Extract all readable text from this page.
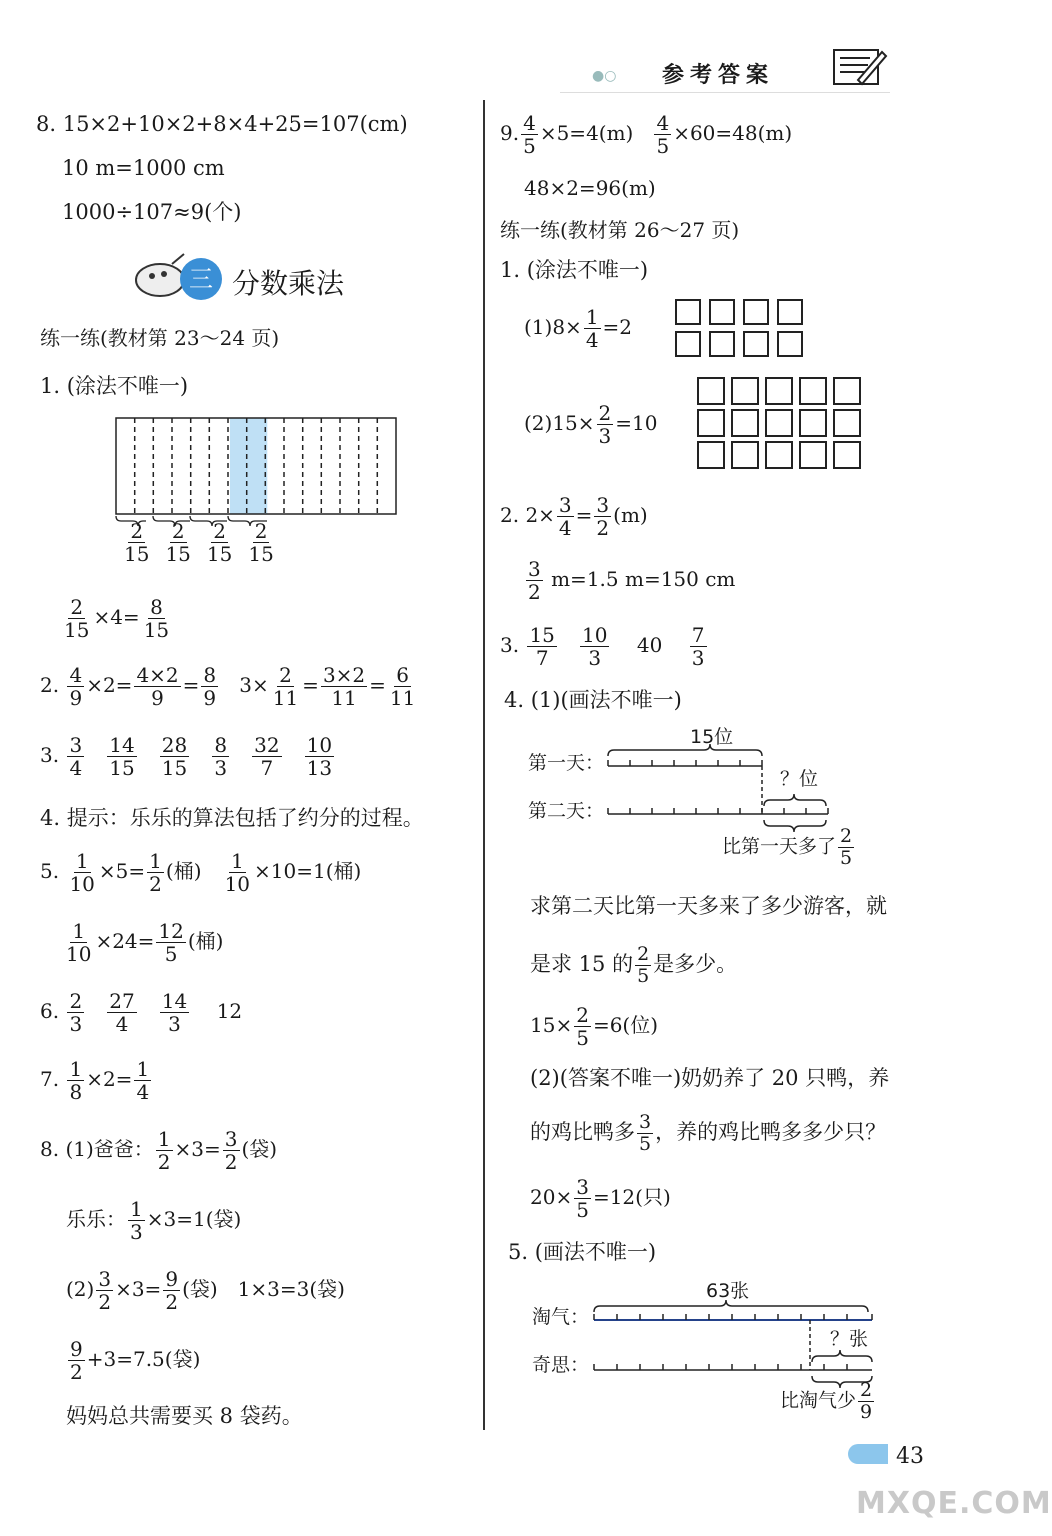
●○ 参考答案
8. 15×2+10×2+8×4+25=107(cm)
10 m=1000 cm
1000÷107≈9(个)
三 分数乘法
练一练(教材第 23～24 页)
1. (涂法不唯一)
$\frac{2}{15} \frac{2}{15} \frac{2}{15} \frac{2}{15}$
$\frac{2}{15} \times 4= \frac{8}{15}$
2. $\frac{4}{9} \times 2= \frac{4\times 2}{9} = \frac{8}{9} 3\times \frac{2}{11} = \frac{3\times 2}{11} = \frac{6}{11}$
3. $\frac{3}{4}$
$\frac{14}{15}$
$\frac{28}{15}$
$\frac{8}{3}$
$\frac{32}{7}$
$\frac{10}{13}$
4. 提示：乐乐的算法包括了约分的过程。
5. $\frac{1}{10} \times 5= \frac{1}{2}$ (桶) $\frac{1}{10} \times 10=1$(桶)
$\frac{1}{10} \times 24= \frac{12}{5}$ (桶)
6. $\frac{2}{3}$
$\frac{27}{4}$
$\frac{14}{3} 12$
7. $\frac{1}{8} \times 2= \frac{1}{4}$
8. (1)爸爸： $\frac{1}{2} \times 3= \frac{3}{2}$ (袋)
乐乐： $\frac{1}{3} \times 3=1$(袋)
$(2) \frac{3}{2} \times 3= \frac{9}{2}$ (袋)　1×3=3(袋)
$\frac{9}{2} +3=7.5$(袋)
妈妈总共需要买 8 袋药。
9. $\frac{4}{5} \times 5=4(m) \frac{4}{5} \times 60=48(m)$
48×2=96(m)
练一练(教材第 26～27 页)
1. (涂法不唯一)
$(1)8\times \frac{1}{4} =2$
$(2)15\times \frac{2}{3} =10$
2. $2\times \frac{3}{4} = \frac{3}{2} (m)$
$\frac{3}{2} m=1.5$ m=150 cm
3. $\frac{15}{7}$
$\frac{10}{3} 40 \frac{7}{3}$
4. (1)(画法不唯一)
15位
第一天：
？位
第二天：
比第一天多了 $\frac{2}{5}$
求第二天比第一天多来了多少游客，就
是求 15 的 $\frac{2}{5}$ 是多少。
$15\times \frac{2}{5} =6$(位)
(2)(答案不唯一)奶奶养了 20 只鸭，养
的鸡比鸭多 $\frac{3}{5}$ ，养的鸡比鸭多多少只？
$20\times \frac{3}{5} =12$(只)
5. (画法不唯一)
63张
淘气：
？张
奇思：
比淘气少 $\frac{2}{9}$
43
MXQE.COM
